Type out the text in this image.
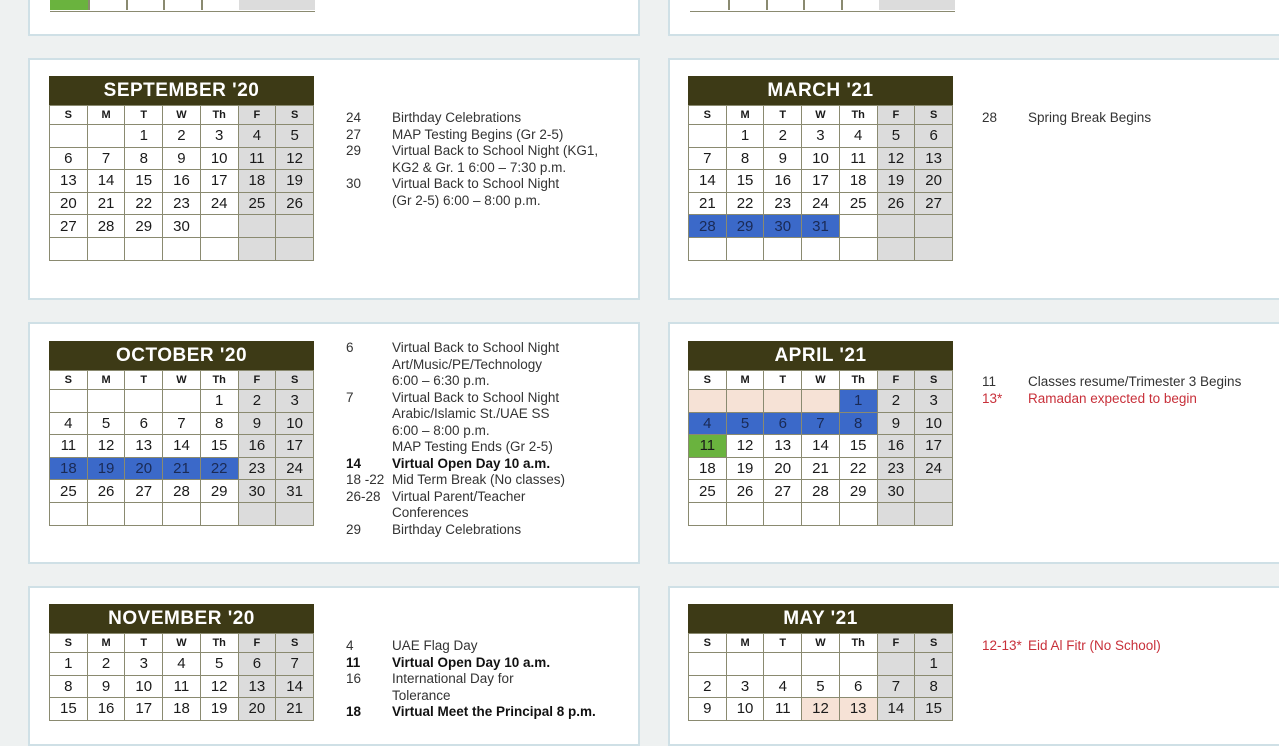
SEPTEMBER '20
S	M	T	W	Th	F	S
		1	2	3	4	5
6	7	8	9	10	11	12
13	14	15	16	17	18	19
20	21	22	23	24	25	26
27	28	29	30			

MARCH '21
S	M	T	W	Th	F	S
	1	2	3	4	5	6
7	8	9	10	11	12	13
14	15	16	17	18	19	20
21	22	23	24	25	26	27
28	29	30	31			

OCTOBER '20
S	M	T	W	Th	F	S
				1	2	3
4	5	6	7	8	9	10
11	12	13	14	15	16	17
18	19	20	21	22	23	24
25	26	27	28	29	30	31

APRIL '21
S	M	T	W	Th	F	S
				1	2	3
4	5	6	7	8	9	10
11	12	13	14	15	16	17
18	19	20	21	22	23	24
25	26	27	28	29	30	

NOVEMBER '20
S	M	T	W	Th	F	S
1	2	3	4	5	6	7
8	9	10	11	12	13	14
15	16	17	18	19	20	21
MAY '21
S	M	T	W	Th	F	S
						1
2	3	4	5	6	7	8
9	10	11	12	13	14	15
24	Birthday Celebrations
27	MAP Testing Begins (Gr 2-5)
29	Virtual Back to School Night (KG1,
KG2 & Gr. 1 6:00 – 7:30 p.m.
30	Virtual Back to School Night
(Gr 2-5) 6:00 – 8:00 p.m.
28	Spring Break Begins
6	Virtual Back to School Night
Art/Music/PE/Technology
6:00 – 6:30 p.m.
7	Virtual Back to School Night
Arabic/Islamic St./UAE SS
6:00 – 8:00 p.m.
MAP Testing Ends (Gr 2-5)
14	Virtual Open Day 10 a.m.
18 -22 Mid Term Break (No classes)
26-28 Virtual Parent/Teacher
Conferences
29	Birthday Celebrations
11	Classes resume/Trimester 3 Begins
13*	Ramadan expected to begin
4	UAE Flag Day
11	Virtual Open Day 10 a.m.
16	International Day for
Tolerance
18	Virtual Meet the Principal 8 p.m.
12-13* Eid Al Fitr (No School)
